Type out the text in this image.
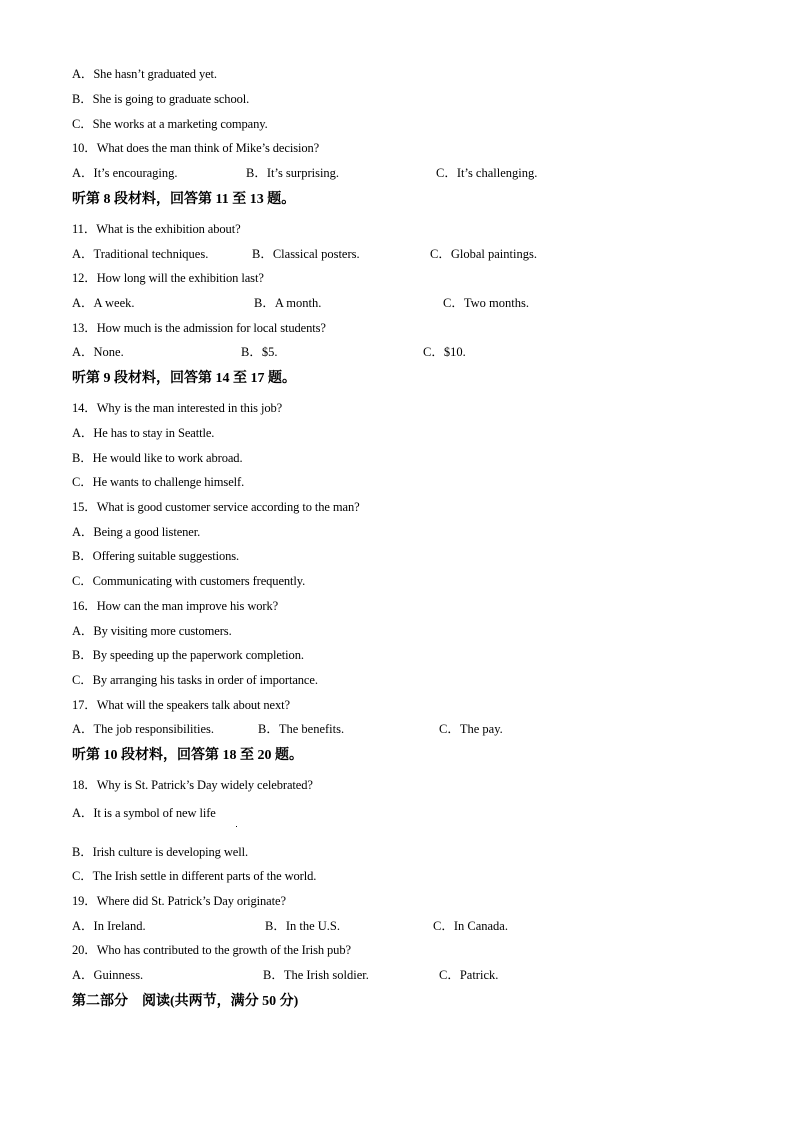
A．She hasn’t graduated yet.
B．She is going to graduate school.
C．She works at a marketing company.
10．What does the man think of Mike’s decision?
A．It’s encouraging.	B．It’s surprising.	C．It’s challenging.
听第 8 段材料，回答第 11 至 13 题。
11．What is the exhibition about?
A．Traditional techniques.	B．Classical posters.	C．Global paintings.
12．How long will the exhibition last?
A．A week.	B．A month.	C．Two months.
13．How much is the admission for local students?
A．None.	B．$5.	C．$10.
听第 9 段材料，回答第 14 至 17 题。
14．Why is the man interested in this job?
A．He has to stay in Seattle.
B．He would like to work abroad.
C．He wants to challenge himself.
15．What is good customer service according to the man?
A．Being a good listener.
B．Offering suitable suggestions.
C．Communicating with customers frequently.
16．How can the man improve his work?
A．By visiting more customers.
B．By speeding up the paperwork completion.
C．By arranging his tasks in order of importance.
17．What will the speakers talk about next?
A．The job responsibilities.	B．The benefits.	C．The pay.
听第 10 段材料，回答第 18 至 20 题。
18．Why is St. Patrick’s Day widely celebrated?
A．It is a symbol of new life
B．Irish culture is developing well.
C．The Irish settle in different parts of the world.
19．Where did St. Patrick’s Day originate?
A．In Ireland.	B．In the U.S.	C．In Canada.
20．Who has contributed to the growth of the Irish pub?
A．Guinness.	B．The Irish soldier.	C．Patrick.
第二部分　阅读(共两节，满分 50 分)
